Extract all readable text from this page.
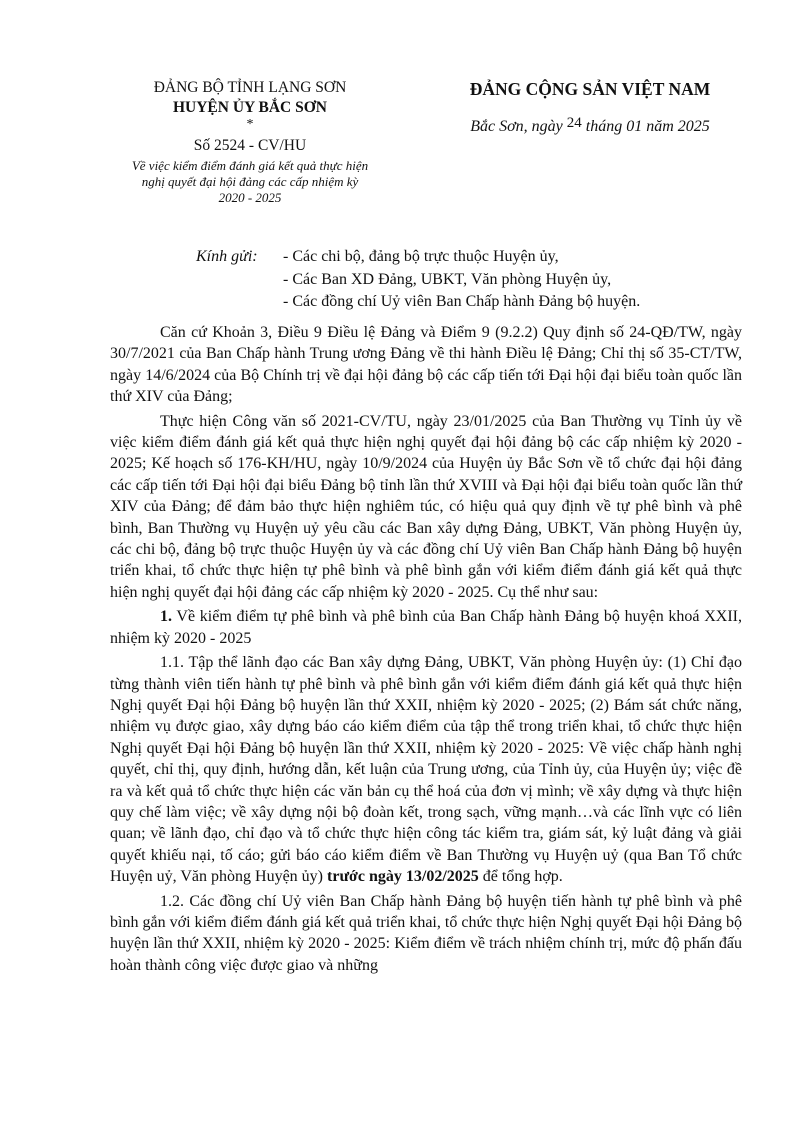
ĐẢNG BỘ TỈNH LẠNG SƠN
HUYỆN ỦY BẮC SƠN
*
Số 2524 - CV/HU
Về việc kiểm điểm đánh giá kết quả thực hiện nghị quyết đại hội đảng các cấp nhiệm kỳ 2020 - 2025
ĐẢNG CỘNG SẢN VIỆT NAM
Bắc Sơn, ngày 24 tháng 01 năm 2025
Kính gửi: - Các chi bộ, đảng bộ trực thuộc Huyện ủy,
- Các Ban XD Đảng, UBKT, Văn phòng Huyện ủy,
- Các đồng chí Uỷ viên Ban Chấp hành Đảng bộ huyện.

Căn cứ Khoản 3, Điều 9 Điều lệ Đảng và Điểm 9 (9.2.2) Quy định số 24-QĐ/TW, ngày 30/7/2021 của Ban Chấp hành Trung ương Đảng về thi hành Điều lệ Đảng; Chỉ thị số 35-CT/TW, ngày 14/6/2024 của Bộ Chính trị về đại hội đảng bộ các cấp tiến tới Đại hội đại biểu toàn quốc lần thứ XIV của Đảng;

Thực hiện Công văn số 2021-CV/TU, ngày 23/01/2025 của Ban Thường vụ Tỉnh ủy về việc kiểm điểm đánh giá kết quả thực hiện nghị quyết đại hội đảng bộ các cấp nhiệm kỳ 2020 - 2025; Kế hoạch số 176-KH/HU, ngày 10/9/2024 của Huyện ủy Bắc Sơn về tổ chức đại hội đảng các cấp tiến tới Đại hội đại biểu Đảng bộ tỉnh lần thứ XVIII và Đại hội đại biểu toàn quốc lần thứ XIV của Đảng; để đảm bảo thực hiện nghiêm túc, có hiệu quả quy định về tự phê bình và phê bình, Ban Thường vụ Huyện uỷ yêu cầu các Ban xây dựng Đảng, UBKT, Văn phòng Huyện ủy, các chi bộ, đảng bộ trực thuộc Huyện ủy và các đồng chí Uỷ viên Ban Chấp hành Đảng bộ huyện triển khai, tổ chức thực hiện tự phê bình và phê bình gắn với kiểm điểm đánh giá kết quả thực hiện nghị quyết đại hội đảng các cấp nhiệm kỳ 2020 - 2025. Cụ thể như sau:

1. Về kiểm điểm tự phê bình và phê bình của Ban Chấp hành Đảng bộ huyện khoá XXII, nhiệm kỳ 2020 - 2025

1.1. Tập thể lãnh đạo các Ban xây dựng Đảng, UBKT, Văn phòng Huyện ủy: (1) Chỉ đạo từng thành viên tiến hành tự phê bình và phê bình gắn với kiểm điểm đánh giá kết quả thực hiện Nghị quyết Đại hội Đảng bộ huyện lần thứ XXII, nhiệm kỳ 2020 - 2025; (2) Bám sát chức năng, nhiệm vụ được giao, xây dựng báo cáo kiểm điểm của tập thể trong triển khai, tổ chức thực hiện Nghị quyết Đại hội Đảng bộ huyện lần thứ XXII, nhiệm kỳ 2020 - 2025: Về việc chấp hành nghị quyết, chỉ thị, quy định, hướng dẫn, kết luận của Trung ương, của Tỉnh ủy, của Huyện ủy; việc đề ra và kết quả tổ chức thực hiện các văn bản cụ thể hoá của đơn vị mình; về xây dựng và thực hiện quy chế làm việc; về xây dựng nội bộ đoàn kết, trong sạch, vững mạnh…và các lĩnh vực có liên quan; về lãnh đạo, chỉ đạo và tổ chức thực hiện công tác kiểm tra, giám sát, kỷ luật đảng và giải quyết khiếu nại, tố cáo; gửi báo cáo kiểm điểm về Ban Thường vụ Huyện uỷ (qua Ban Tổ chức Huyện uỷ, Văn phòng Huyện ủy) trước ngày 13/02/2025 để tổng hợp.

1.2. Các đồng chí Uỷ viên Ban Chấp hành Đảng bộ huyện tiến hành tự phê bình và phê bình gắn với kiểm điểm đánh giá kết quả triển khai, tổ chức thực hiện Nghị quyết Đại hội Đảng bộ huyện lần thứ XXII, nhiệm kỳ 2020 - 2025: Kiểm điểm về trách nhiệm chính trị, mức độ phấn đấu hoàn thành công việc được giao và những
